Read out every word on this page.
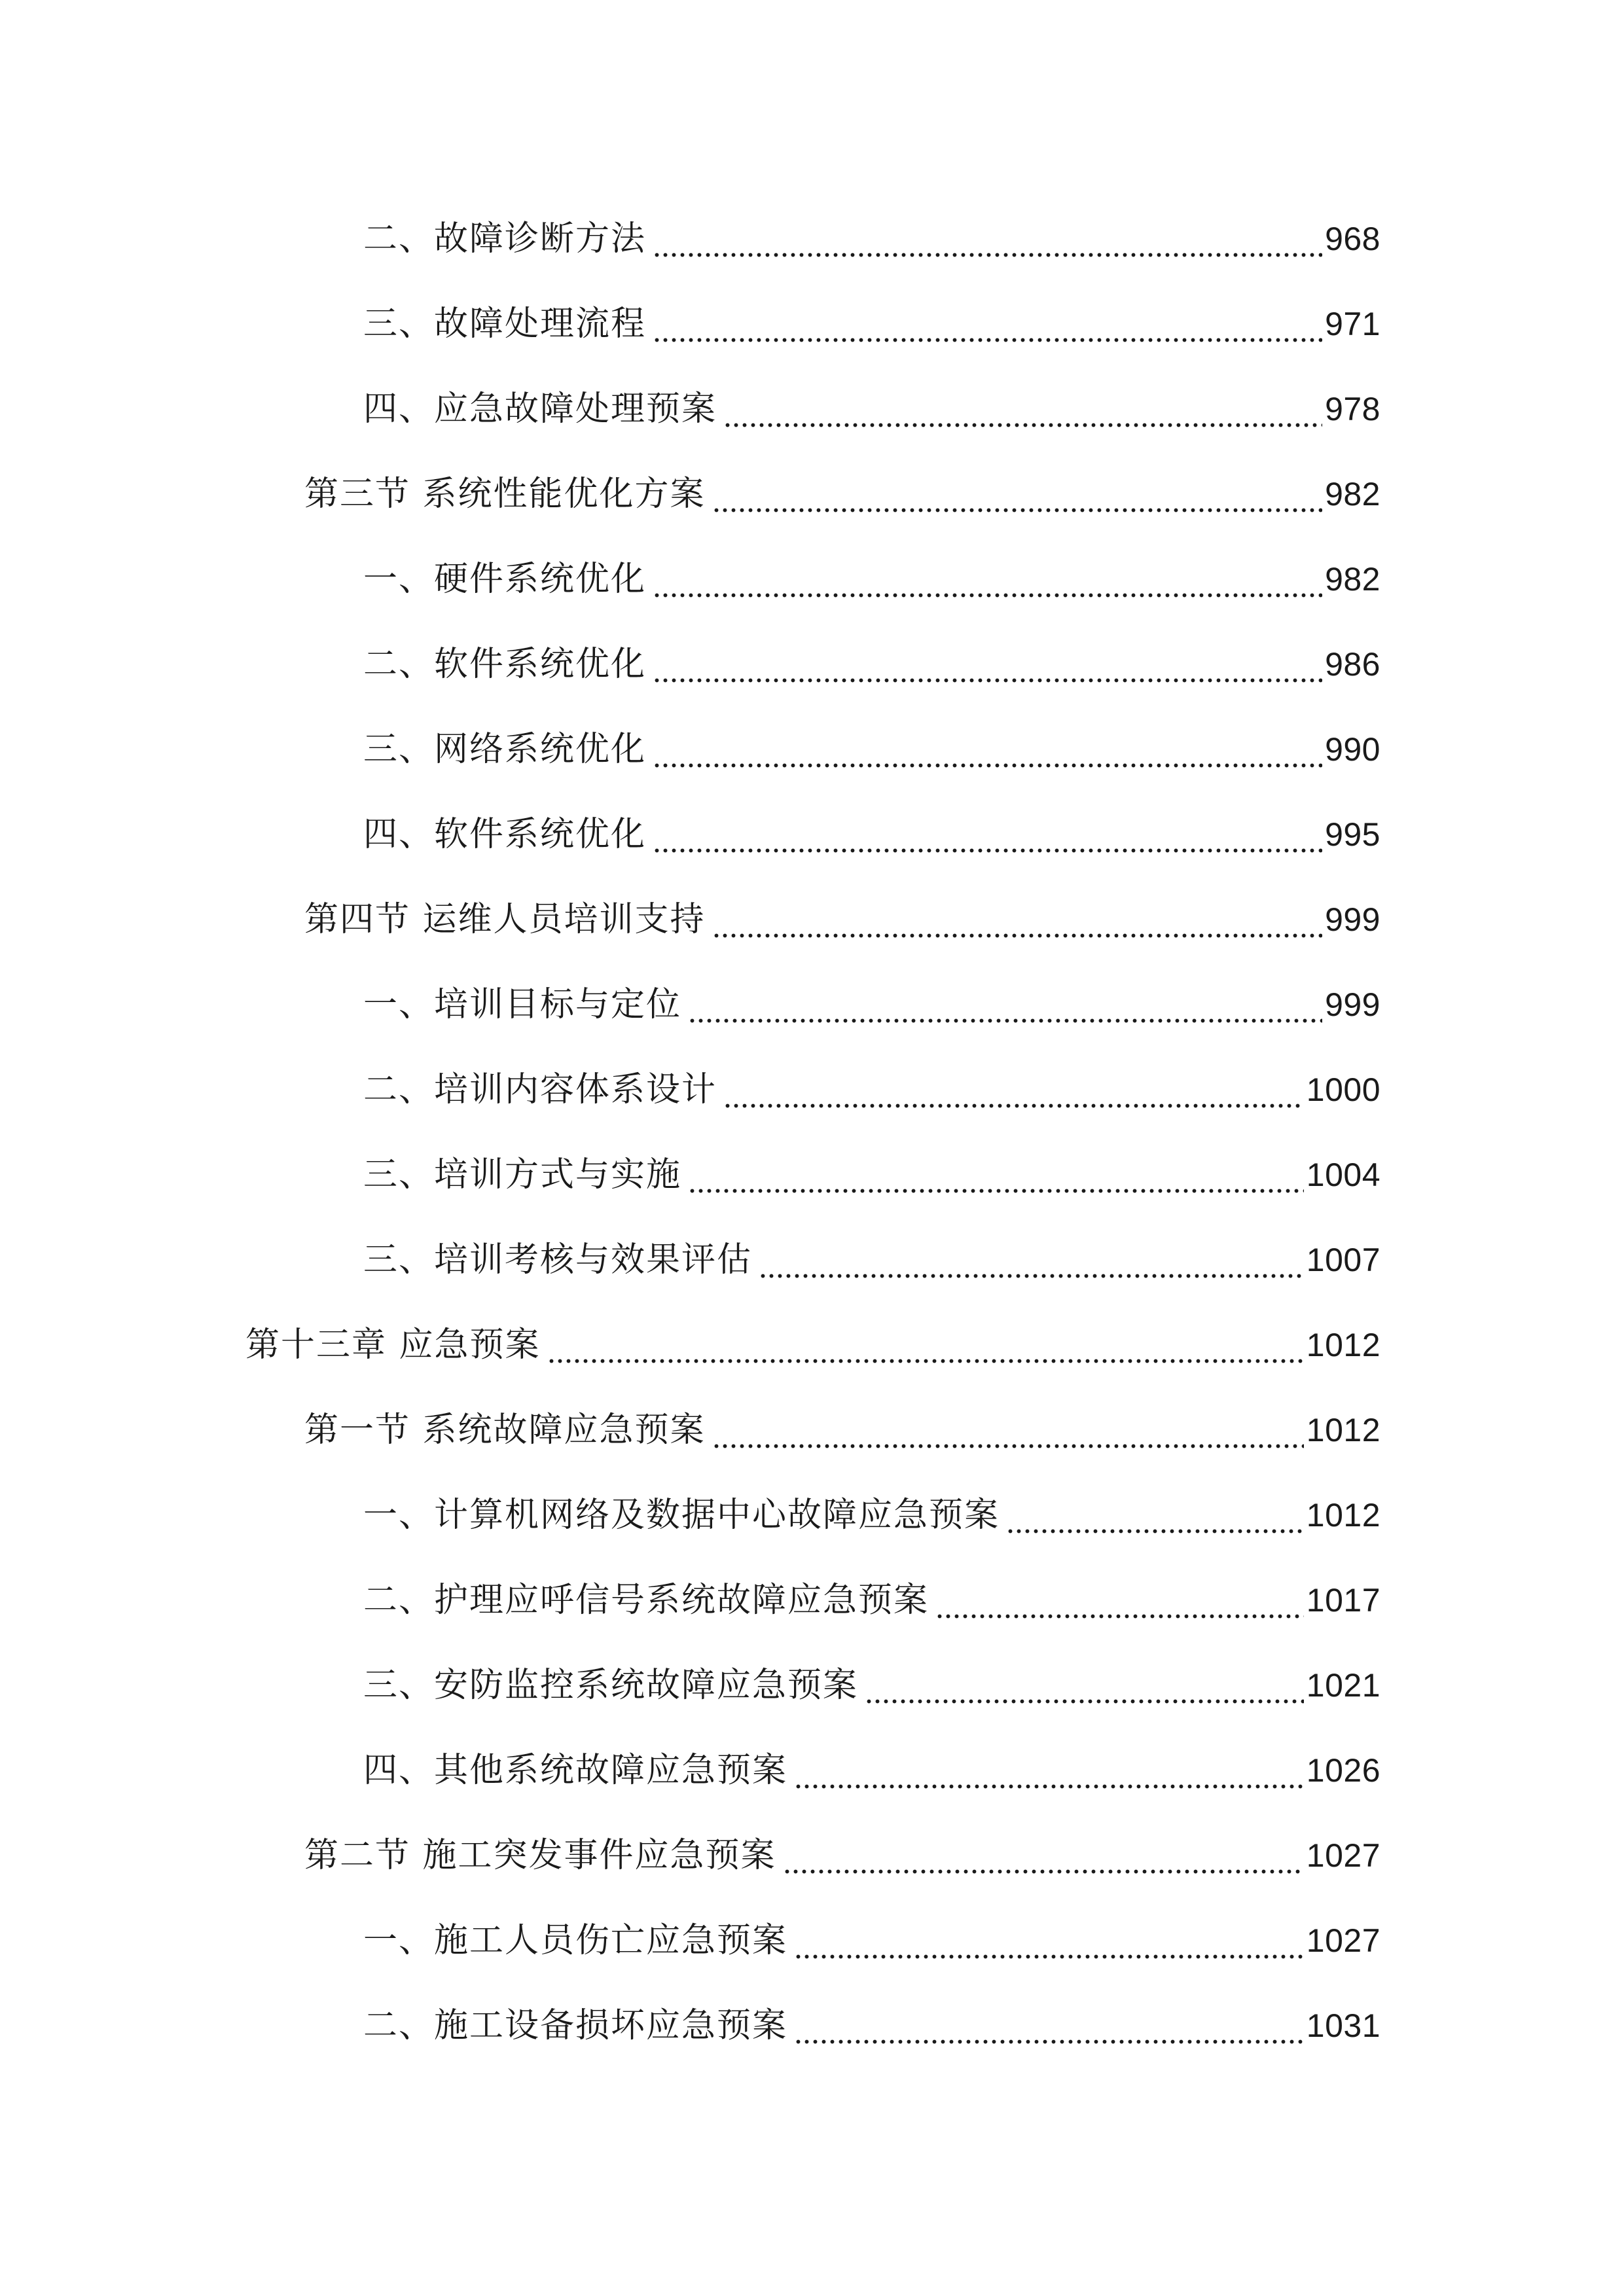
二、故障诊断方法	968
三、故障处理流程	971
四、应急故障处理预案	978
第三节 系统性能优化方案	982
一、硬件系统优化	982
二、软件系统优化	986
三、网络系统优化	990
四、软件系统优化	995
第四节 运维人员培训支持	999
一、培训目标与定位	999
二、培训内容体系设计	1000
三、培训方式与实施	1004
三、培训考核与效果评估	1007
第十三章 应急预案	1012
第一节 系统故障应急预案	1012
一、计算机网络及数据中心故障应急预案	1012
二、护理应呼信号系统故障应急预案	1017
三、安防监控系统故障应急预案	1021
四、其他系统故障应急预案	1026
第二节 施工突发事件应急预案	1027
一、施工人员伤亡应急预案	1027
二、施工设备损坏应急预案	1031
